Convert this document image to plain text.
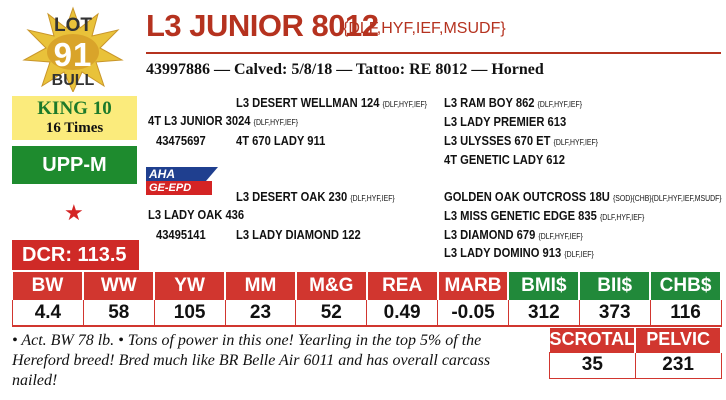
LOT
91
BULL
KING 10
16 Times
UPP-M	AHA
GE-EPD
★
DCR: 113.5
L3 JUNIOR 8012
{DLF,HYF,IEF,MSUDF}
43997886 — Calved: 5/8/18 — Tattoo: RE 8012 — Horned
L3 DESERT WELLMAN 124 {DLF,HYF,IEF}
4T L3 JUNIOR 3024 {DLF,HYF,IEF}
43475697 4T 670 LADY 911
L3 DESERT OAK 230 {DLF,HYF,IEF}
L3 LADY OAK 436
43495141 L3 LADY DIAMOND 122
L3 RAM BOY 862 {DLF,HYF,IEF}
L3 LADY PREMIER 613
L3 ULYSSES 670 ET {DLF,HYF,IEF}
4T GENETIC LADY 612
GOLDEN OAK OUTCROSS 18U {SOD}{CHB}{DLF,HYF,IEF,MSUDF}
L3 MISS GENETIC EDGE 835 {DLF,HYF,IEF}
L3 DIAMOND 679 {DLF,HYF,IEF}
L3 LADY DOMINO 913 {DLF,IEF}
BW	WW	YW	MM	M&G	REA	MARB	BMI$	BII$	CHB$
4.4	58	105	23	52	0.49	-0.05	312	373	116
• Act. BW 78 lb. • Tons of power in this one! Yearling in the top 5% of the Hereford breed! Bred much like BR Belle Air 6011 and has overall carcass nailed!
SCROTAL	PELVIC
35	231
